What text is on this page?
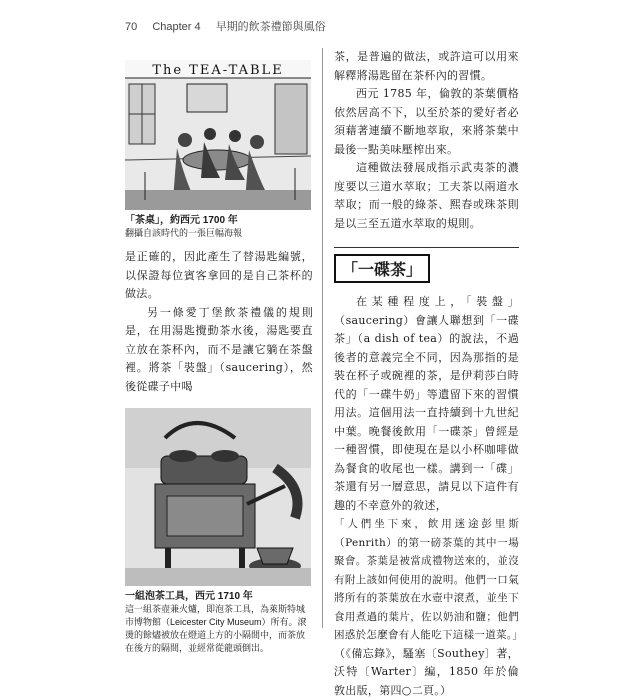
70 Chapter 4 早期的飲茶禮節與風俗
The TEA-TABLE
「茶桌」，約西元 1700 年
翻攝自該時代的一張巨幅海報

是正確的，因此產生了替湯匙編號，以保證每位賓客拿回的是自己茶杯的做法。

另一條愛丁堡飲茶禮儀的規則是，在用湯匙攪動茶水後，湯匙要直立放在茶杯內，而不是讓它躺在茶盤裡。將茶「裝盤」（saucering），然後從碟子中喝

一組泡茶工具，西元 1710 年
這一組茶壺兼火爐，即泡茶工具，為萊斯特城市博物館（Leicester City Museum）所有。滾燙的餘燼被放在燈道上方的小隔間中，而茶放在後方的隔間，並經常從龍頭倒出。

茶，是普遍的做法，或許這可以用來解釋將湯匙留在茶杯內的習慣。

西元 1785 年，倫敦的茶葉價格依然居高不下，以至於茶的愛好者必須藉著連續不斷地萃取，來將茶葉中最後一點美味壓榨出來。

這種做法發展成指示武夷茶的濃度要以三道水萃取；工夫茶以兩道水萃取；而一般的綠茶、熙春或珠茶則是以三至五道水萃取的規則。

「一碟茶」

在某種程度上，「裝盤」（saucering）會讓人聯想到「一碟茶」（a dish of tea）的說法，不過後者的意義完全不同，因為那指的是裝在杯子或碗裡的茶，是伊莉莎白時代的「一碟牛奶」等遺留下來的習慣用法。這個用法一直持續到十九世紀中葉。晚餐後飲用「一碟茶」曾經是一種習慣，即使現在是以小杯咖啡做為餐食的收尾也一樣。講到一「碟」茶還有另一層意思，請見以下這件有趣的不幸意外的敘述，

「人們坐下來，飲用迷途彭里斯（Penrith）的第一磅茶葉的其中一場聚會。茶葉是被當成禮物送來的，並沒有附上該如何使用的說明。他們一口氣將所有的茶葉放在水壺中滾煮，並坐下食用煮過的葉片，佐以奶油和鹽；他們困惑於怎麼會有人能吃下這樣一道菜。」

（《備忘錄》，騷塞〔Southey〕著，沃特〔Warter〕編，1850 年於倫敦出版，第四○二頁。）
